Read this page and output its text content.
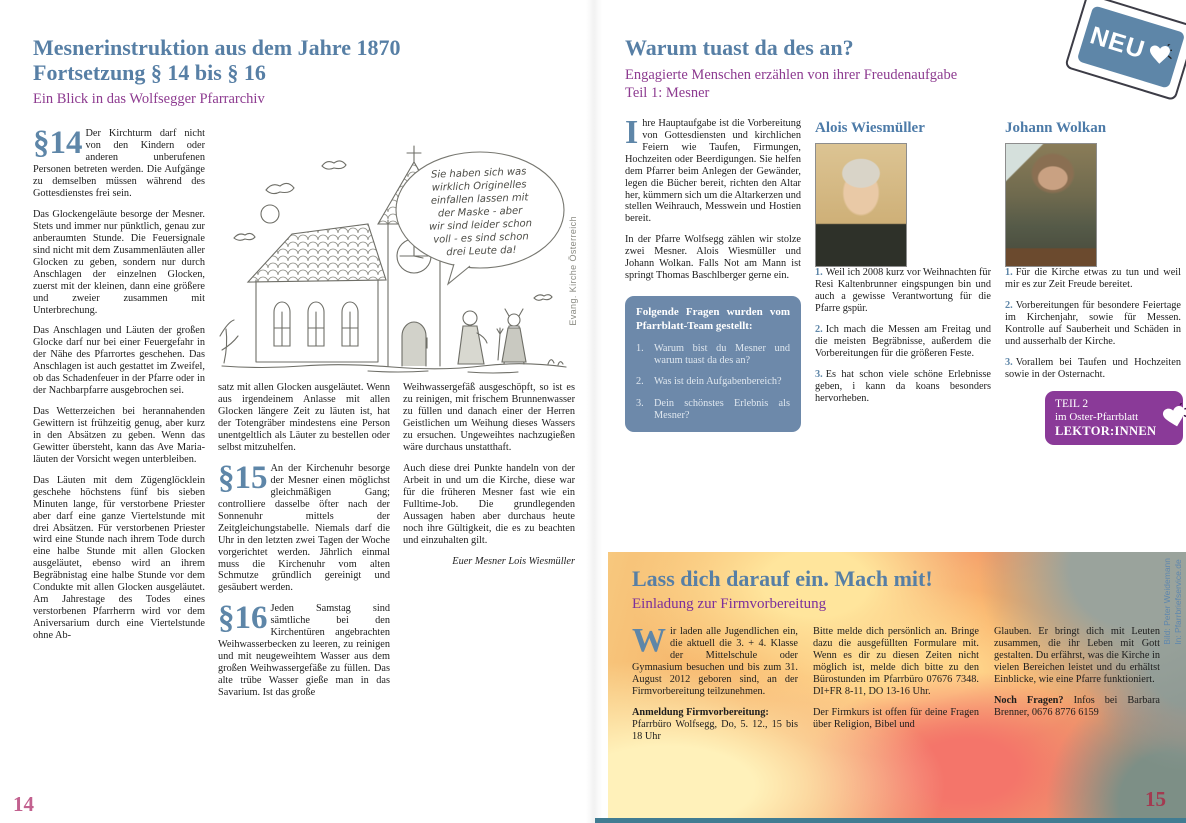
Mesnerinstruktion aus dem Jahre 1870
Fortsetzung § 14 bis § 16
Ein Blick in das Wolfsegger Pfarrarchiv

§14 Der Kirchturm darf nicht von den Kindern oder anderen unberufenen Personen betreten werden. Die Aufgänge zu demselben müssen während des Gottesdienstes frei sein.

Das Glockengeläute besorge der Mesner. Stets und immer nur pünktlich, genau zur anberaumten Stunde. Die Feuersignale sind nicht mit dem Zusammenläuten aller Glocken zu geben, sondern nur durch Anschlagen der einzelnen Glocken, zuerst mit der kleinen, dann eine größere und zweier zusammen mit Unterbrechung.

Das Anschlagen und Läuten der großen Glocke darf nur bei einer Feuergefahr in der Nähe des Pfarrortes geschehen. Das Anschlagen ist auch gestattet im Zweifel, ob das Schadenfeuer in der Pfarre oder in der Nachbarpfarre ausgebrochen sei.

Das Wetterzeichen bei herannahenden Gewittern ist frühzeitig genug, aber kurz in den Absätzen zu geben. Wenn das Gewitter übersteht, kann das Ave Maria-läuten der Vorsicht wegen unterbleiben.

Das Läuten mit dem Zügenglöcklein geschehe höchstens fünf bis sieben Minuten lange, für verstorbene Priester aber darf eine ganze Viertelstunde mit drei Absätzen. Für verstorbenen Priester wird eine Stunde nach ihrem Tode durch eine halbe Stunde mit allen Glocken ausgeläutet, ebenso wird an ihrem Begräbnistag eine halbe Stunde vor dem Condukte mit allen Glocken ausgeläutet. Am Jahrestage des Todes eines verstorbenen Pfarrherrn wird vor dem Aniversarium durch eine Viertelstunde ohne Ab-

Sie haben sich was
wirklich Originelles
einfallen lassen mit
der Maske - aber
wir sind leider schon
voll - es sind schon
drei Leute da!	Evang. Kirche Österreich

satz mit allen Glocken ausgeläutet. Wenn aus irgendeinem Anlasse mit allen Glocken längere Zeit zu läuten ist, hat der Totengräber mindestens eine Person unentgeltlich als Läuter zu bestellen oder selbst mitzuhelfen.

§15 An der Kirchenuhr besorge der Mesner einen möglichst gleichmäßigen Gang; controlliere dasselbe öfter nach der Sonnenuhr mittels der Zeitgleichungstabelle. Niemals darf die Uhr in den letzten zwei Tagen der Woche vorgerichtet werden. Jährlich einmal muss die Kirchenuhr vom alten Schmutze gründlich gereinigt und gesäubert werden.

§16 Jeden Samstag sind sämtliche bei den Kirchentüren angebrachten Weihwasserbecken zu leeren, zu reinigen und mit neugeweihtem Wasser aus dem großen Weihwassergefäße zu füllen. Das alte trübe Wasser gieße man in das Savarium. Ist das große

Weihwassergefäß ausgeschöpft, so ist es zu reinigen, mit frischem Brunnenwasser zu füllen und danach einer der Herren Geistlichen um Weihung dieses Wassers zu ersuchen. Ungeweihtes nachzugießen wäre durchaus unstatthaft.

Auch diese drei Punkte handeln von der Arbeit in und um die Kirche, diese war für die früheren Mesner fast wie ein Fulltime-Job. Die grundlegenden Aussagen haben aber durchaus heute noch ihre Gültigkeit, die es zu beachten und einzuhalten gilt.

Euer Mesner Lois Wiesmüller

14
Warum tuast da des an?
Engagierte Menschen erzählen von ihrer Freudenaufgabe
Teil 1: Mesner
NEU

Ihre Hauptaufgabe ist die Vorbereitung von Gottesdiensten und kirchlichen Feiern wie Taufen, Firmungen, Hochzeiten oder Beerdigungen. Sie helfen dem Pfarrer beim Anlegen der Gewänder, legen die Bücher bereit, richten den Altar her, kümmern sich um die Altarkerzen und stellen Weihrauch, Messwein und Hostien bereit.

In der Pfarre Wolfsegg zählen wir stolze zwei Mesner. Alois Wiesmüller und Johann Wolkan. Falls Not am Mann ist springt Thomas Baschlberger gerne ein.

Folgende Fragen wurden vom Pfarrblatt-Team gestellt:
1. Warum bist du Mesner und warum tuast da des an?
2. Was ist dein Aufgabenbereich?
3. Dein schönstes Erlebnis als Mesner?
Alois Wiesmüller

1. Weil ich 2008 kurz vor Weihnachten für Resi Kaltenbrunner eingspungen bin und auch a gewisse Verantwortung für die Pfarre gspür.

2. Ich mach die Messen am Freitag und die meisten Begräbnisse, außerdem die Vorbereitungen für die größeren Feste.

3. Es hat schon viele schöne Erlebnisse geben, i kann da koans besonders hervorheben.

Johann Wolkan

1. Für die Kirche etwas zu tun und weil mir es zur Zeit Freude bereitet.

2. Vorbereitungen für besondere Feiertage im Kirchenjahr, sowie für Messen. Kontrolle auf Sauberheit und Schäden in und ausserhalb der Kirche.

3. Vorallem bei Taufen und Hochzeiten sowie in der Osternacht.

TEIL 2
im Oster-Pfarrblatt
LEKTOR:INNEN
Lass dich darauf ein. Mach mit!
Einladung zur Firmvorbereitung

Wir laden alle Jugendlichen ein, die aktuell die 3. + 4. Klasse der Mittelschule oder Gymnasium besuchen und bis zum 31. August 2012 geboren sind, an der Firmvorbereitung teilzunehmen.

Anmeldung Firmvorbereitung:
Pfarrbüro Wolfsegg, Do, 5. 12., 15 bis 18 Uhr

Bitte melde dich persönlich an. Bringe dazu die ausgefüllten Formulare mit. Wenn es dir zu diesen Zeiten nicht möglich ist, melde dich bitte zu den Bürostunden im Pfarrbüro 07676 7348. DI+FR 8-11, DO 13-16 Uhr.

Der Firmkurs ist offen für deine Fragen über Religion, Bibel und

Glauben. Er bringt dich mit Leuten zusammen, die ihr Leben mit Gott gestalten. Du erfährst, was die Kirche in vielen Bereichen leistet und du erhältst Einblicke, wie eine Pfarre funktioniert.

Noch Fragen? Infos bei Barbara Brenner, 0676 8776 6159

Bild: Peter Weidemann In: Pfarrbriefservice.de
15
